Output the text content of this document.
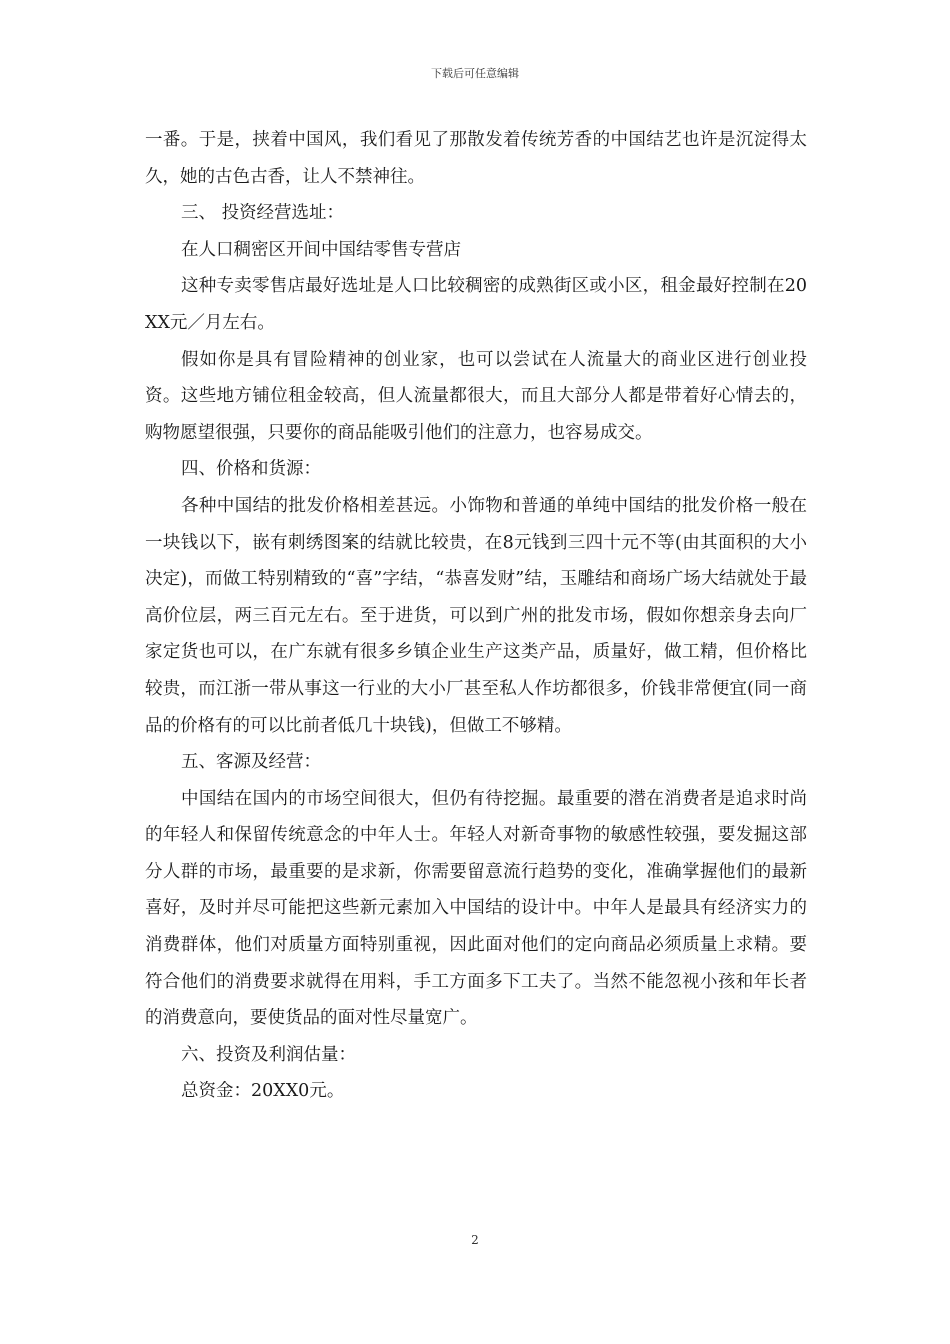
下载后可任意编辑

一番。于是，挟着中国风，我们看见了那散发着传统芳香的中国结艺也许是沉淀得太久，她的古色古香，让人不禁神往。

三、 投资经营选址：

在人口稠密区开间中国结零售专营店

这种专卖零售店最好选址是人口比较稠密的成熟街区或小区，租金最好控制在20XX元／月左右。

假如你是具有冒险精神的创业家，也可以尝试在人流量大的商业区进行创业投资。这些地方铺位租金较高，但人流量都很大，而且大部分人都是带着好心情去的，购物愿望很强，只要你的商品能吸引他们的注意力，也容易成交。

四、价格和货源：

各种中国结的批发价格相差甚远。小饰物和普通的单纯中国结的批发价格一般在一块钱以下，嵌有刺绣图案的结就比较贵，在8元钱到三四十元不等(由其面积的大小决定)，而做工特别精致的“喜”字结，“恭喜发财”结，玉雕结和商场广场大结就处于最高价位层，两三百元左右。至于进货，可以到广州的批发市场，假如你想亲身去向厂家定货也可以，在广东就有很多乡镇企业生产这类产品，质量好，做工精，但价格比较贵，而江浙一带从事这一行业的大小厂甚至私人作坊都很多，价钱非常便宜(同一商品的价格有的可以比前者低几十块钱)，但做工不够精。

五、客源及经营：

中国结在国内的市场空间很大，但仍有待挖掘。最重要的潜在消费者是追求时尚的年轻人和保留传统意念的中年人士。年轻人对新奇事物的敏感性较强，要发掘这部分人群的市场，最重要的是求新，你需要留意流行趋势的变化，准确掌握他们的最新喜好，及时并尽可能把这些新元素加入中国结的设计中。中年人是最具有经济实力的消费群体，他们对质量方面特别重视，因此面对他们的定向商品必须质量上求精。要符合他们的消费要求就得在用料，手工方面多下工夫了。当然不能忽视小孩和年长者的消费意向，要使货品的面对性尽量宽广。

六、投资及利润估量：

总资金：20XX0元。

2
